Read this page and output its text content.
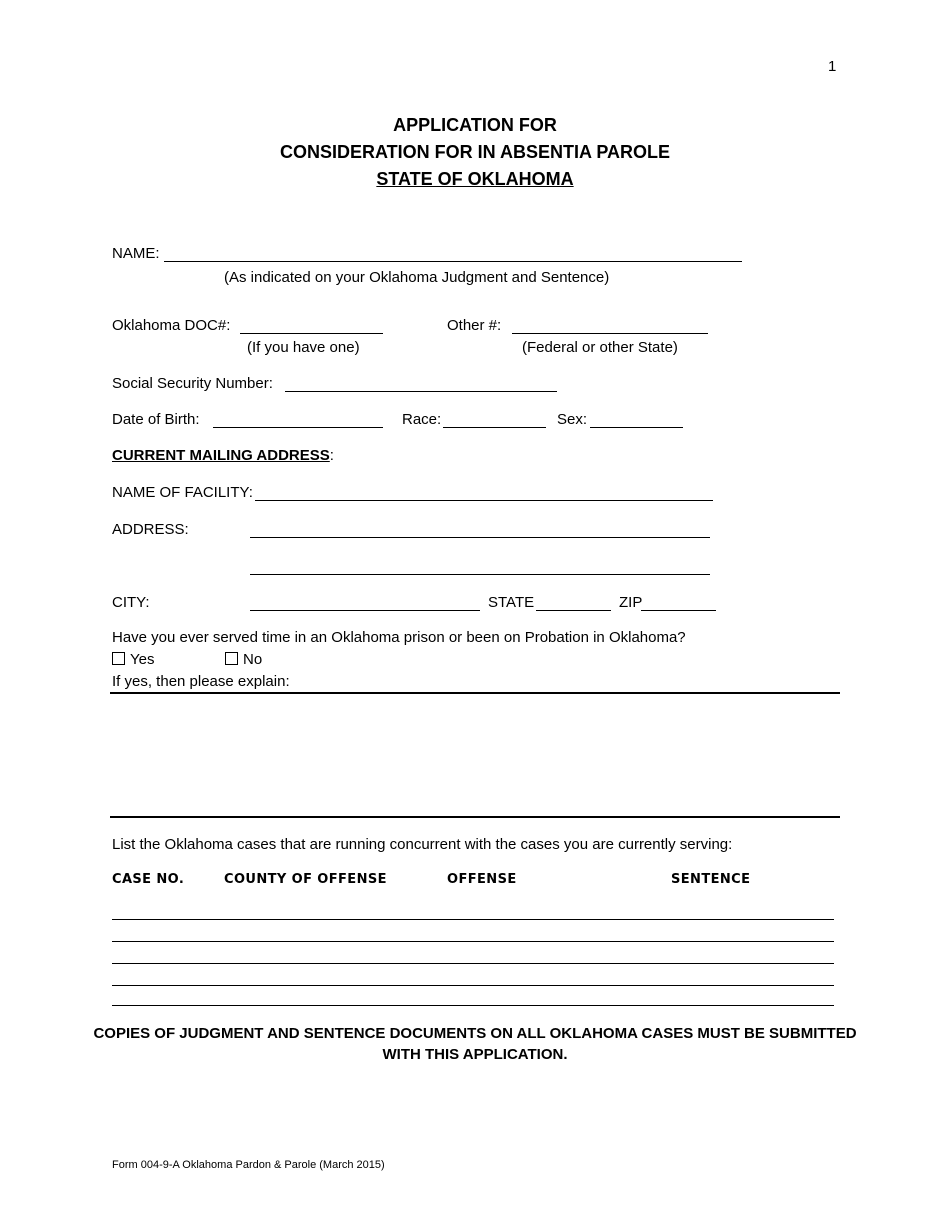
1
APPLICATION FOR
CONSIDERATION FOR IN ABSENTIA PAROLE
STATE OF OKLAHOMA
NAME:
(As indicated on your Oklahoma Judgment and Sentence)
Oklahoma DOC#:
(If you have one)
Other #:
(Federal or other State)
Social Security Number:
Date of Birth:	Race:	Sex:
CURRENT MAILING ADDRESS:
NAME OF FACILITY:
ADDRESS:
CITY:	STATE	ZIP
Have you ever served time in an Oklahoma prison or been on Probation in Oklahoma?
Yes	No
If yes, then please explain:
List the Oklahoma cases that are running concurrent with the cases you are currently serving:
CASE NO.	COUNTY OF OFFENSE	OFFENSE	SENTENCE
COPIES OF JUDGMENT AND SENTENCE DOCUMENTS ON ALL OKLAHOMA CASES MUST BE SUBMITTED
WITH THIS APPLICATION.
Form 004-9-A Oklahoma Pardon & Parole (March 2015)
